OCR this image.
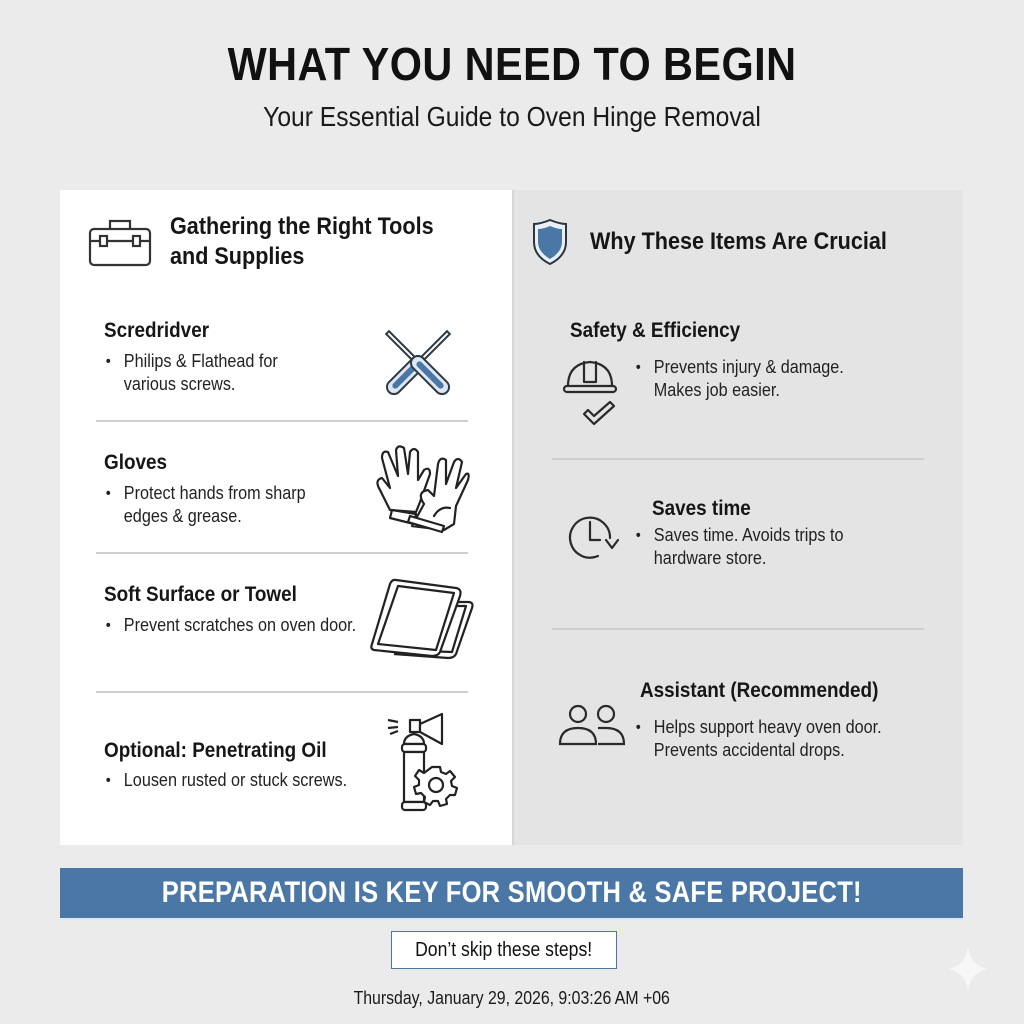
WHAT YOU NEED TO BEGIN
Your Essential Guide to Oven Hinge Removal
Gathering the Right Tools
and Supplies
Scredridver
• Philips & Flathead for
various screws.
Gloves
• Protect hands from sharp
edges & grease.
Soft Surface or Towel
• Prevent scratches on oven door.
Optional: Penetrating Oil
• Lousen rusted or stuck screws.
Why These Items Are Crucial
Safety & Efficiency
• Prevents injury & damage.
Makes job easier.
Saves time
• Saves time. Avoids trips to
hardware store.
Assistant (Recommended)
• Helps support heavy oven door.
Prevents accidental drops.
PREPARATION IS KEY FOR SMOOTH & SAFE PROJECT!
Don’t skip these steps!
Thursday, January 29, 2026, 9:03:26 AM +06
